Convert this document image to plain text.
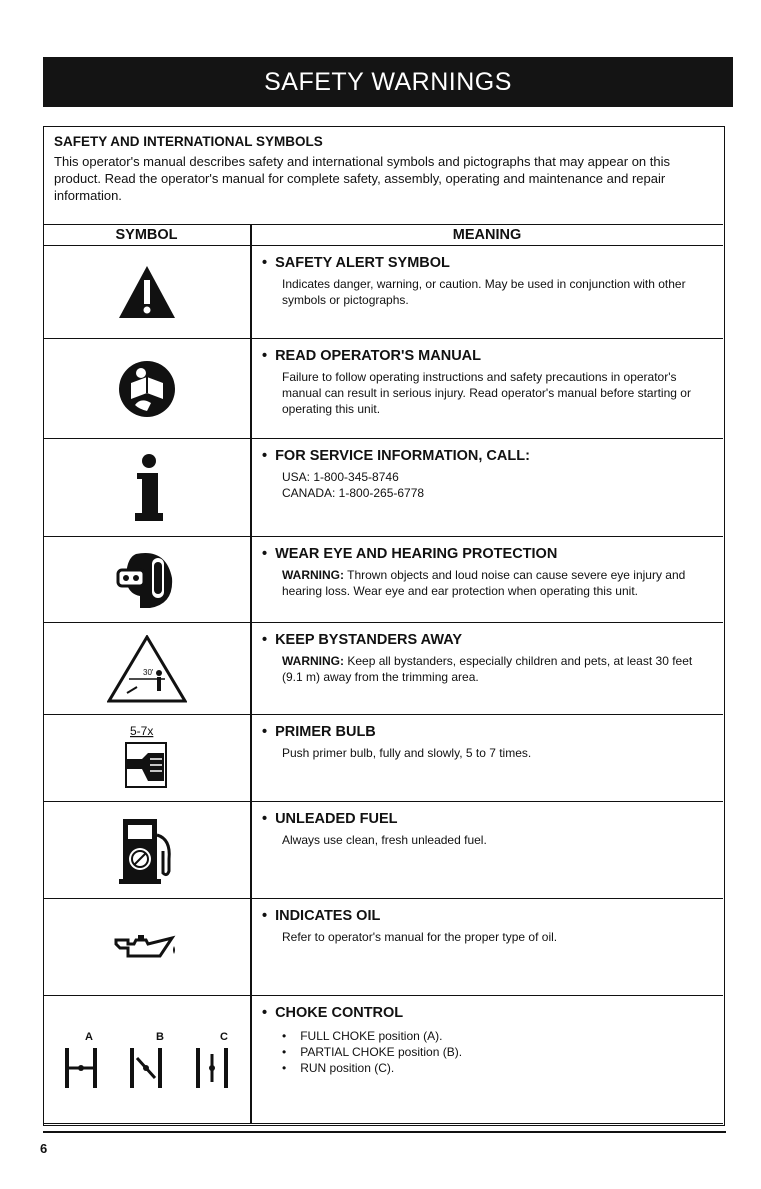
SAFETY WARNINGS
SAFETY AND INTERNATIONAL SYMBOLS

This operator's manual describes safety and international symbols and pictographs that may appear on this product. Read the operator's manual for complete safety, assembly, operating and maintenance and repair information.

SYMBOL	MEANING
• SAFETY ALERT SYMBOL
Indicates danger, warning, or caution. May be used in conjunction with other symbols or pictographs.
• READ OPERATOR'S MANUAL
Failure to follow operating instructions and safety precautions in operator's manual can result in serious injury. Read operator's manual before starting or operating this unit.
• FOR SERVICE INFORMATION, CALL:
USA: 1-800-345-8746
CANADA: 1-800-265-6778
• WEAR EYE AND HEARING PROTECTION
WARNING: Thrown objects and loud noise can cause severe eye injury and hearing loss. Wear eye and ear protection when operating this unit.
30'
• KEEP BYSTANDERS AWAY
WARNING: Keep all bystanders, especially children and pets, at least 30 feet (9.1 m) away from the trimming area.
5-7x
•	PRIMER BULB
Push primer bulb, fully and slowly, 5 to 7 times.
• UNLEADED FUEL
Always use clean, fresh unleaded fuel.
• INDICATES OIL
Refer to operator's manual for the proper type of oil.
A	B	C
• CHOKE CONTROL
• FULL CHOKE position (A).
• PARTIAL CHOKE position (B).
• RUN position (C).
6
